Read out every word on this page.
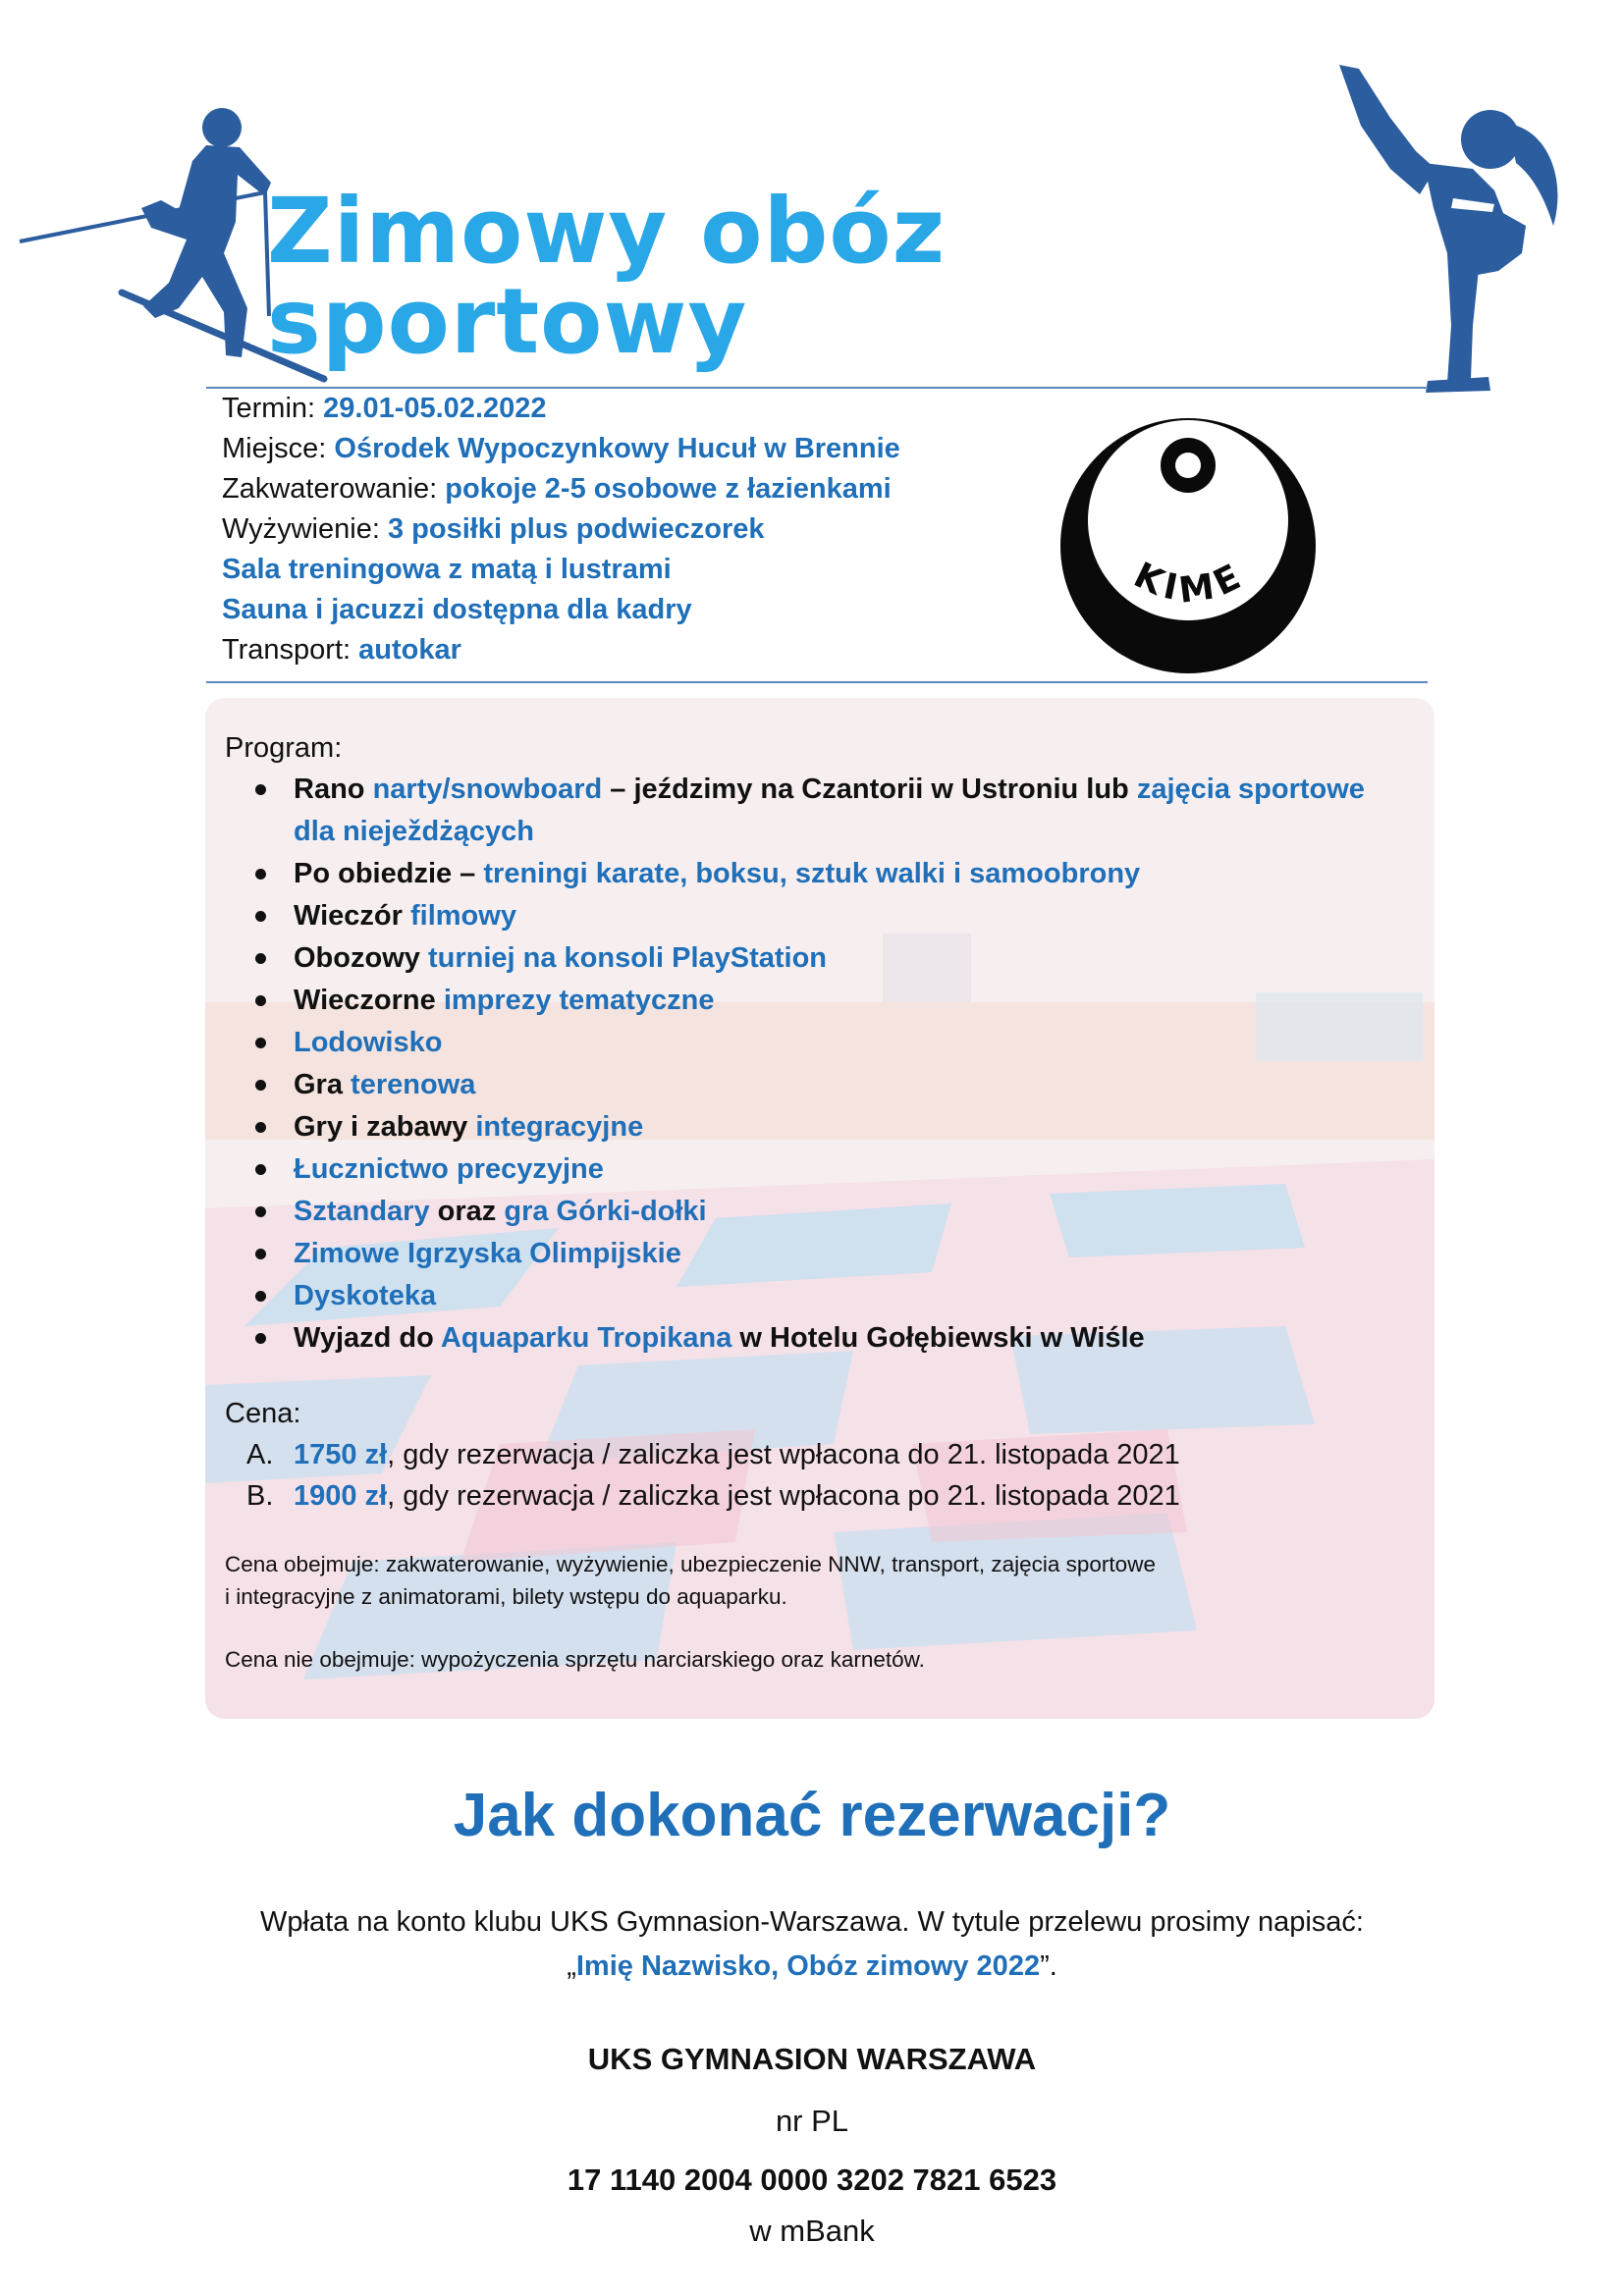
Zimowy obóz sportowy
Termin: 29.01-05.02.2022
Miejsce: Ośrodek Wypoczynkowy Hucuł w Brennie
Zakwaterowanie: pokoje 2-5 osobowe z łazienkami
Wyżywienie: 3 posiłki plus podwieczorek
Sala treningowa z matą i lustrami
Sauna i jacuzzi dostępna dla kadry
Transport: autokar
KIME

Program:

Rano narty/snowboard – jeździmy na Czantorii w Ustroniu lub zajęcia sportowe
dla nieježdżących
Po obiedzie – treningi karate, boksu, sztuk walki i samoobrony
Wieczór filmowy
Obozowy turniej na konsoli PlayStation
Wieczorne imprezy tematyczne
Lodowisko
Gra terenowa
Gry i zabawy integracyjne
Łucznictwo precyzyjne
Sztandary oraz gra Górki-dołki
Zimowe Igrzyska Olimpijskie
Dyskoteka
Wyjazd do Aquaparku Tropikana w Hotelu Gołębiewski w Wiśle

Cena:

A. 1750 zł, gdy rezerwacja / zaliczka jest wpłacona do 21. listopada 2021
B. 1900 zł, gdy rezerwacja / zaliczka jest wpłacona po 21. listopada 2021
Cena obejmuje: zakwaterowanie, wyżywienie, ubezpieczenie NNW, transport, zajęcia sportowe
i integracyjne z animatorami, bilety wstępu do aquaparku.
Cena nie obejmuje: wypożyczenia sprzętu narciarskiego oraz karnetów.
Jak dokonać rezerwacji?
Wpłata na konto klubu UKS Gymnasion-Warszawa. W tytule przelewu prosimy napisać:
„Imię Nazwisko, Obóz zimowy 2022”.
UKS GYMNASION WARSZAWA
nr PL
17 1140 2004 0000 3202 7821 6523
w mBank
